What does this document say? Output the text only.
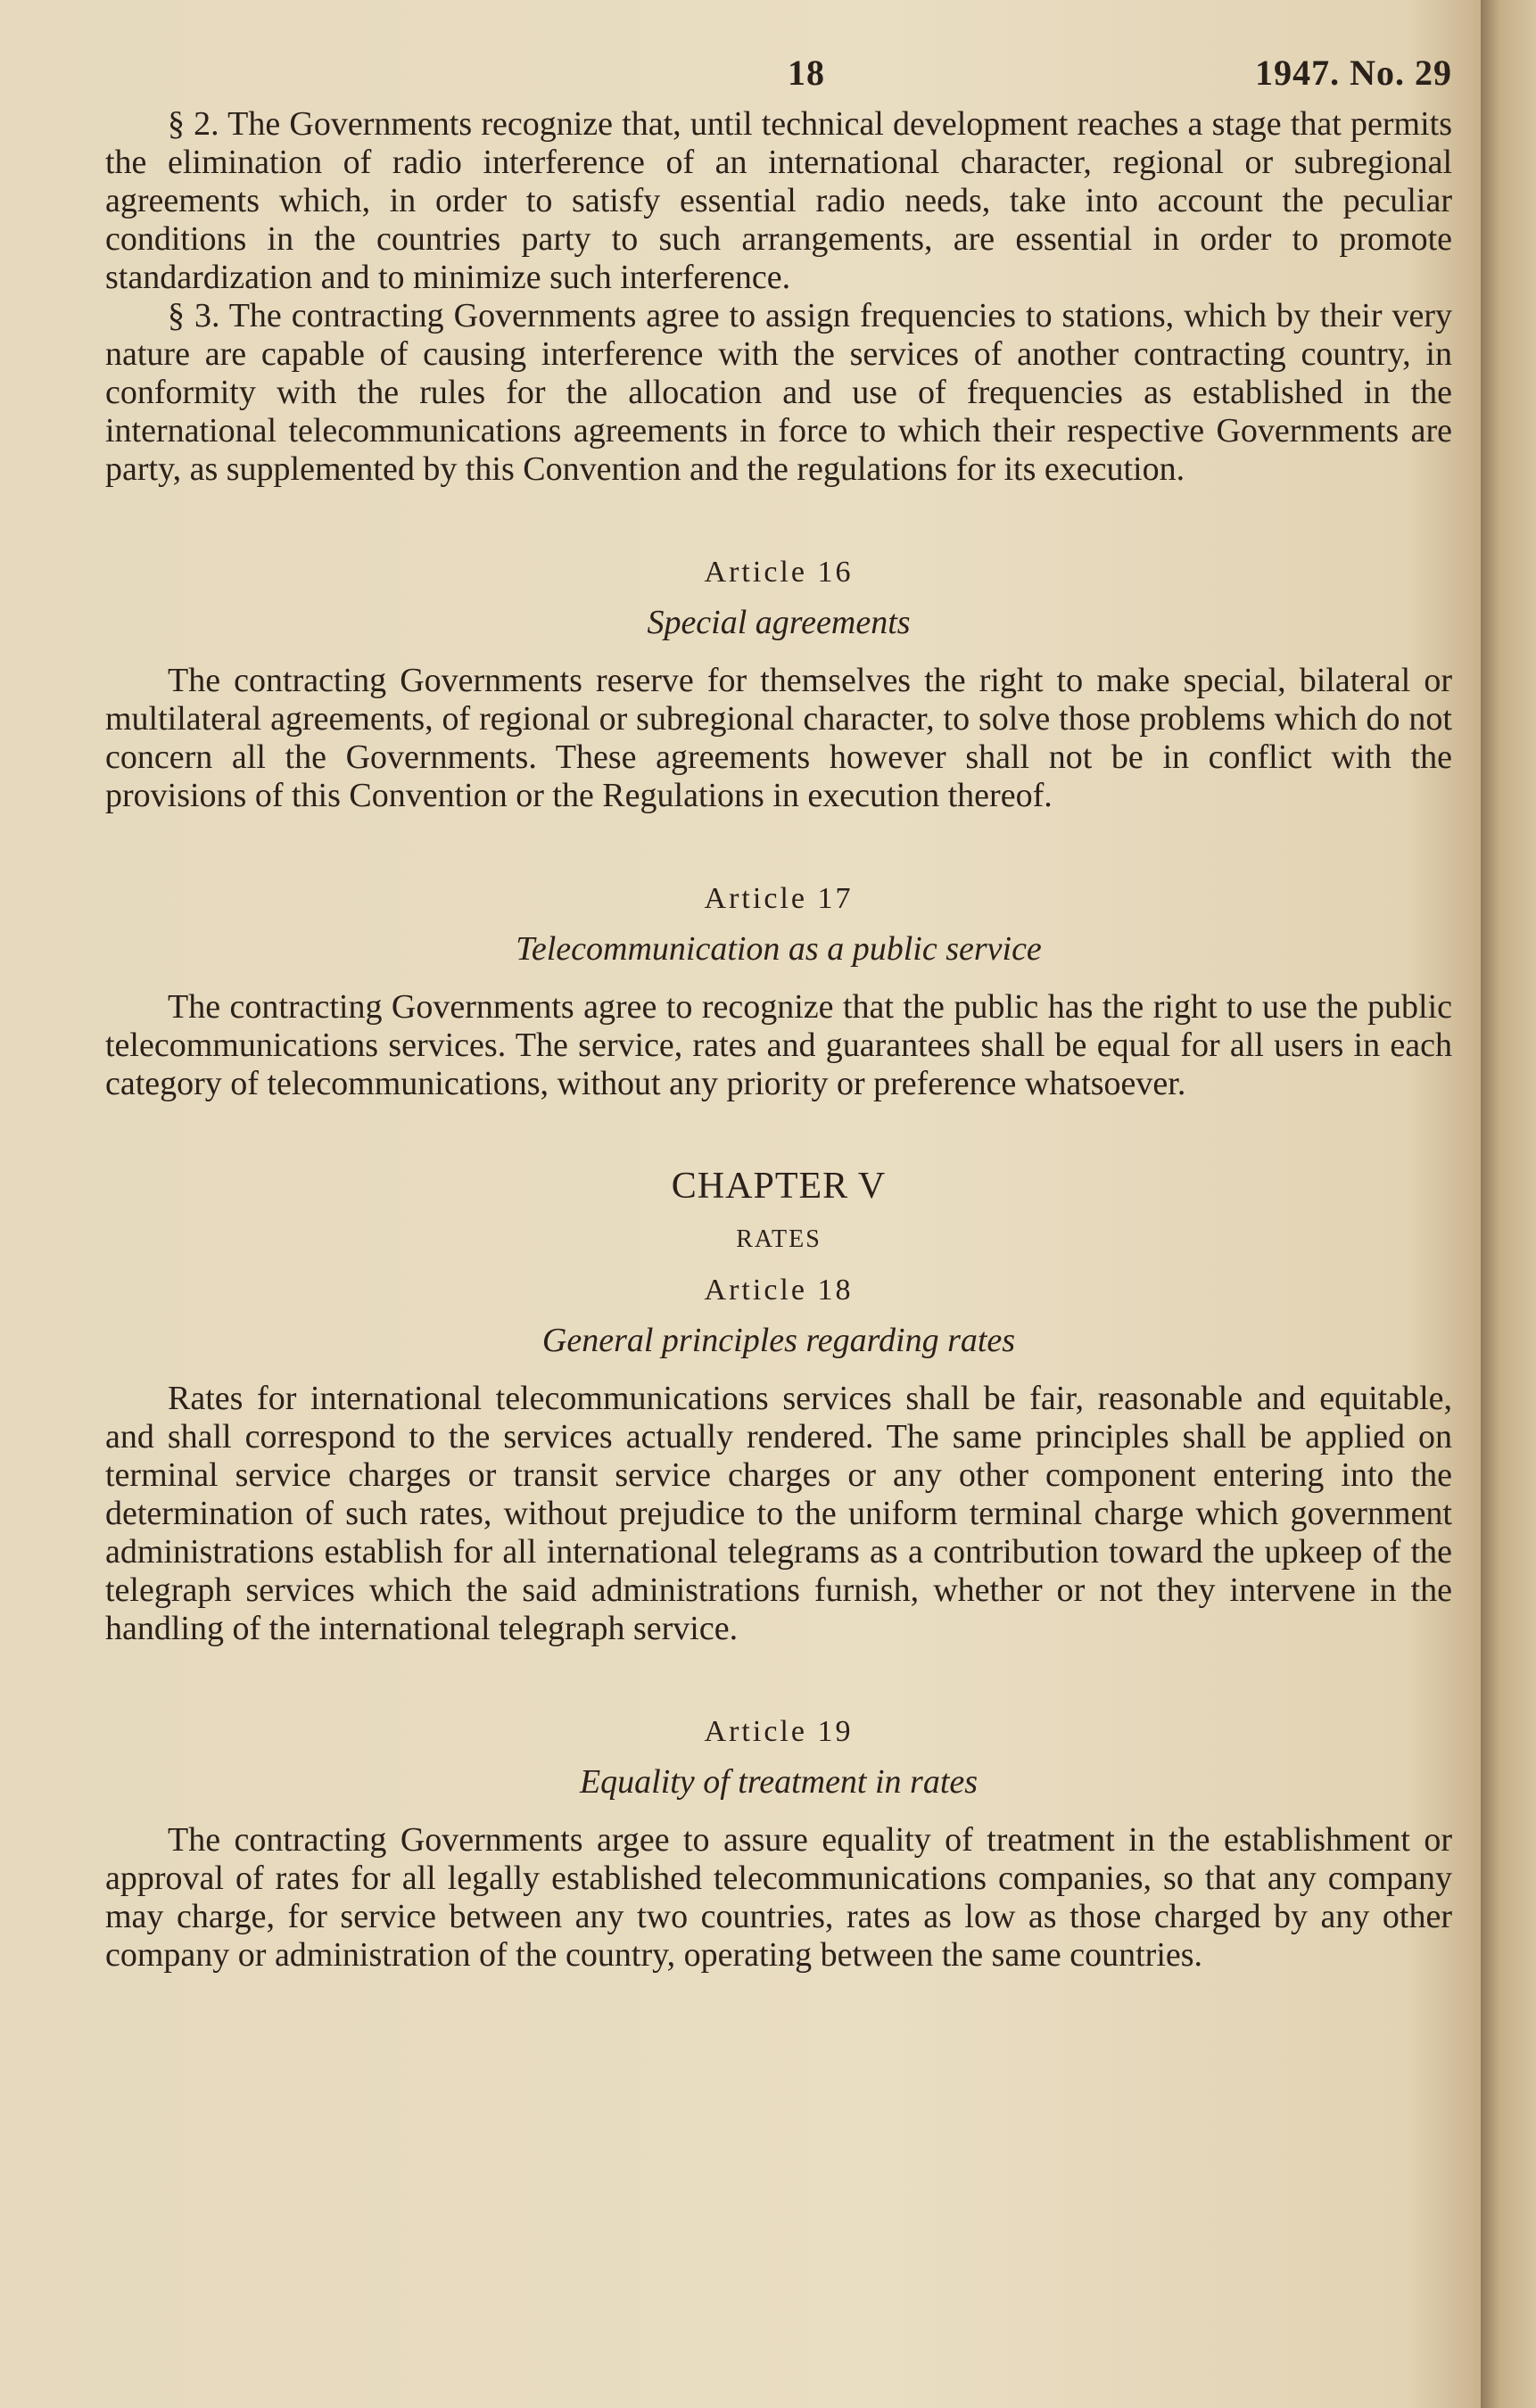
18	1947. No. 29

§ 2. The Governments recognize that, until technical development reaches a stage that permits the elimination of radio interference of an international character, regional or subregional agreements which, in order to satisfy essential radio needs, take into account the peculiar conditions in the countries party to such arrangements, are essential in order to promote standardization and to minimize such interference.

§ 3. The contracting Governments agree to assign frequencies to stations, which by their very nature are capable of causing interference with the services of another contracting country, in conformity with the rules for the allocation and use of frequencies as established in the international telecommunications agreements in force to which their respective Governments are party, as supplemented by this Convention and the regulations for its execution.

Article 16
Special agreements

The contracting Governments reserve for themselves the right to make special, bilateral or multilateral agreements, of regional or subregional character, to solve those problems which do not concern all the Governments. These agreements however shall not be in conflict with the provisions of this Convention or the Regulations in execution thereof.

Article 17
Telecommunication as a public service

The contracting Governments agree to recognize that the public has the right to use the public telecommunications services. The service, rates and guarantees shall be equal for all users in each category of telecommunications, without any priority or preference whatsoever.

CHAPTER V
RATES
Article 18
General principles regarding rates

Rates for international telecommunications services shall be fair, reasonable and equitable, and shall correspond to the services actually rendered. The same principles shall be applied on terminal service charges or transit service charges or any other component entering into the determination of such rates, without prejudice to the uniform terminal charge which government administrations establish for all international telegrams as a contribution toward the upkeep of the telegraph services which the said administrations furnish, whether or not they intervene in the handling of the international telegraph service.

Article 19
Equality of treatment in rates

The contracting Governments argee to assure equality of treatment in the establishment or approval of rates for all legally established telecommunications companies, so that any company may charge, for service between any two countries, rates as low as those charged by any other company or administration of the country, operating between the same countries.
